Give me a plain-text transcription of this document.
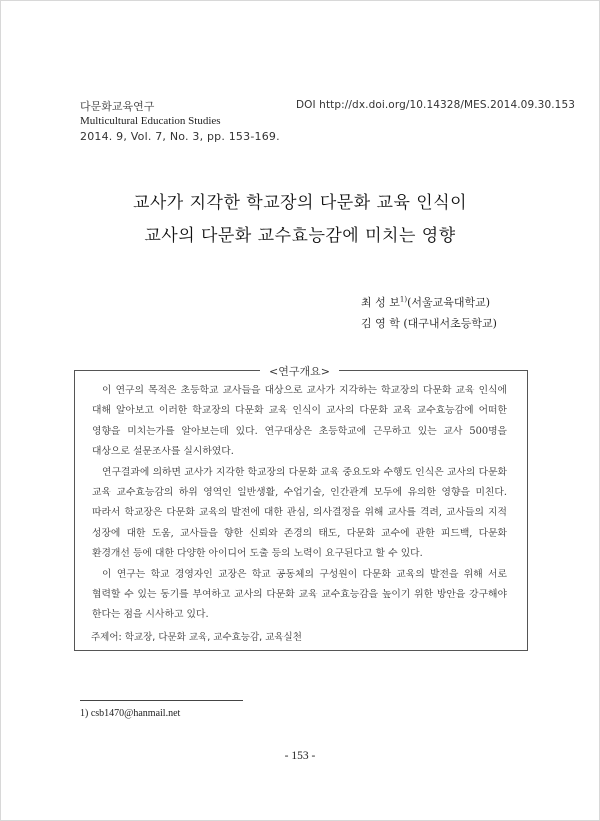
다문화교육연구
Multicultural Education Studies
2014. 9, Vol. 7, No. 3, pp. 153-169.
DOI http://dx.doi.org/10.14328/MES.2014.09.30.153
교사가 지각한 학교장의 다문화 교육 인식이
교사의 다문화 교수효능감에 미치는 영향
최 성 보$^{1)}$(서울교육대학교)
김 영 학 (대구내서초등학교)
<연구개요>

이 연구의 목적은 초등학교 교사들을 대상으로 교사가 지각하는 학교장의 다문화 교육 인식에 대해 알아보고 이러한 학교장의 다문화 교육 인식이 교사의 다문화 교육 교수효능감에 어떠한 영향을 미치는가를 알아보는데 있다. 연구대상은 초등학교에 근무하고 있는 교사 500명을 대상으로 설문조사를 실시하였다.

연구결과에 의하면 교사가 지각한 학교장의 다문화 교육 중요도와 수행도 인식은 교사의 다문화 교육 교수효능감의 하위 영역인 일반생활, 수업기술, 인간관계 모두에 유의한 영향을 미친다. 따라서 학교장은 다문화 교육의 발전에 대한 관심, 의사결정을 위해 교사를 격려, 교사들의 지적 성장에 대한 도움, 교사들을 향한 신뢰와 존경의 태도, 다문화 교수에 관한 피드백, 다문화 환경개선 등에 대한 다양한 아이디어 도출 등의 노력이 요구된다고 할 수 있다.

이 연구는 학교 경영자인 교장은 학교 공동체의 구성원이 다문화 교육의 발전을 위해 서로 협력할 수 있는 동기를 부여하고 교사의 다문화 교육 교수효능감을 높이기 위한 방안을 강구해야 한다는 점을 시사하고 있다.

주제어: 학교장, 다문화 교육, 교수효능감, 교육실천
1) csb1470@hanmail.net
- 153 -
